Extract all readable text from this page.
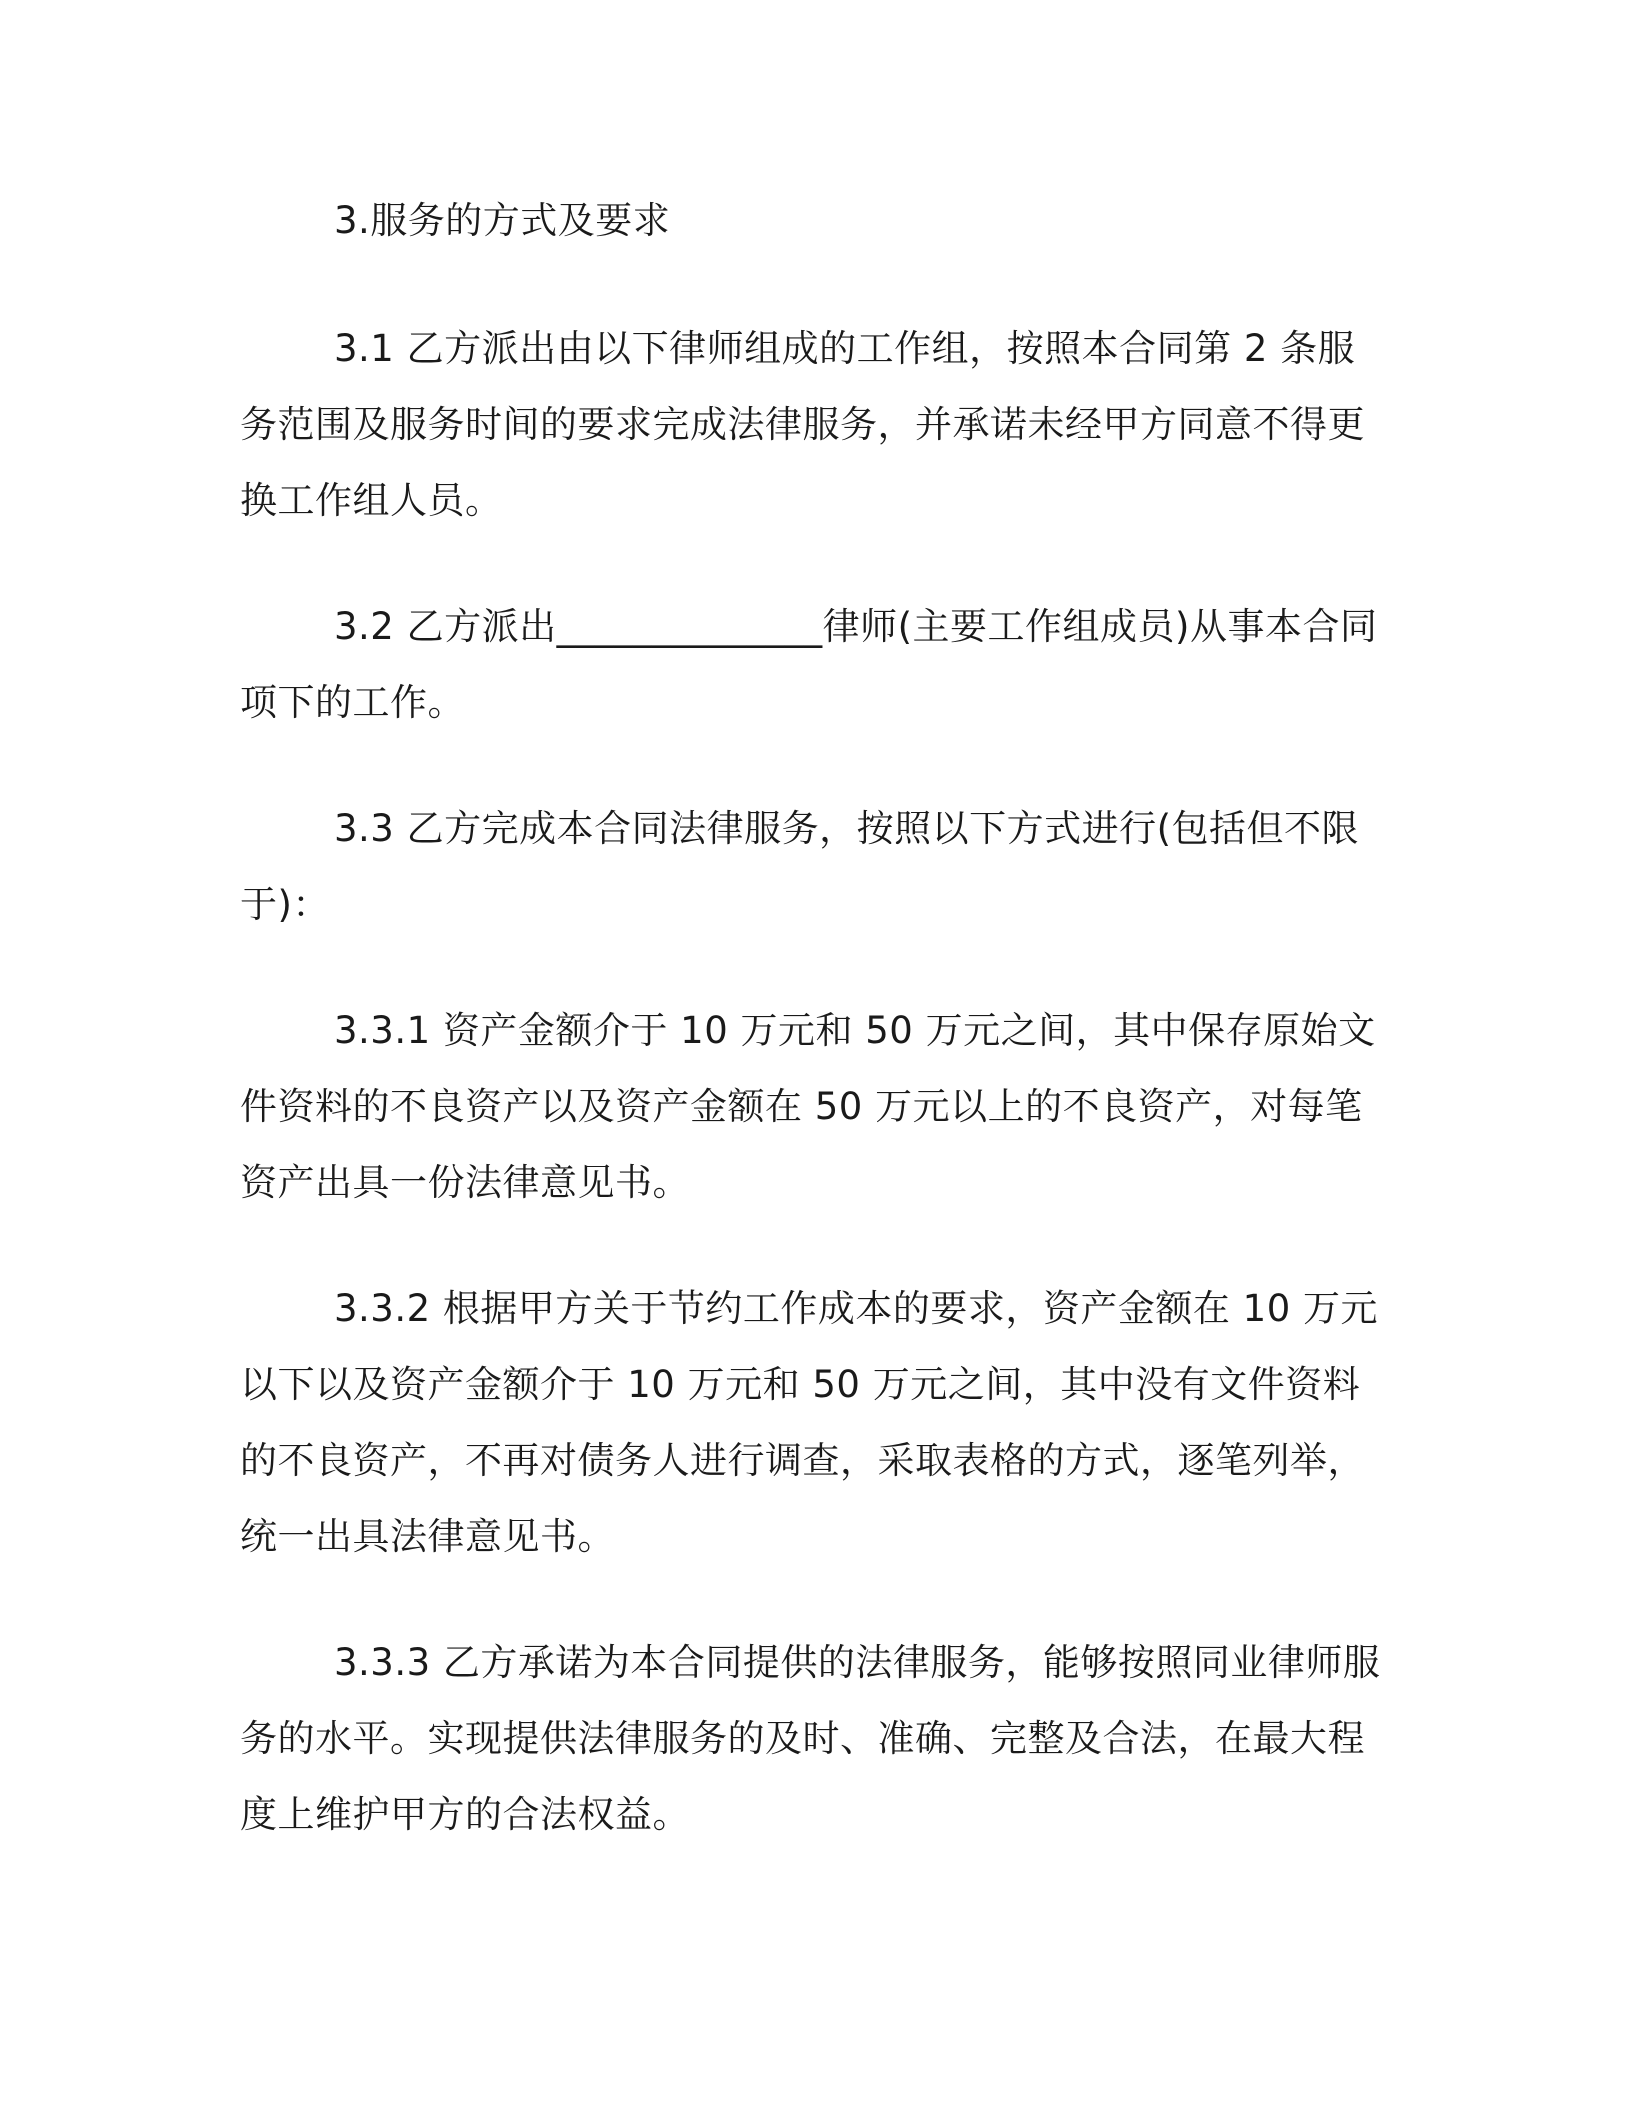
3.服务的方式及要求

3.1 乙方派出由以下律师组成的工作组，按照本合同第 2 条服务范围及服务时间的要求完成法律服务，并承诺未经甲方同意不得更换工作组人员。

3.2 乙方派出______________律师(主要工作组成员)从事本合同项下的工作。

3.3 乙方完成本合同法律服务，按照以下方式进行(包括但不限于)：

3.3.1 资产金额介于 10 万元和 50 万元之间，其中保存原始文件资料的不良资产以及资产金额在 50 万元以上的不良资产，对每笔资产出具一份法律意见书。

3.3.2 根据甲方关于节约工作成本的要求，资产金额在 10 万元以下以及资产金额介于 10 万元和 50 万元之间，其中没有文件资料的不良资产，不再对债务人进行调查，采取表格的方式，逐笔列举，统一出具法律意见书。

3.3.3 乙方承诺为本合同提供的法律服务，能够按照同业律师服务的水平。实现提供法律服务的及时、准确、完整及合法，在最大程度上维护甲方的合法权益。
